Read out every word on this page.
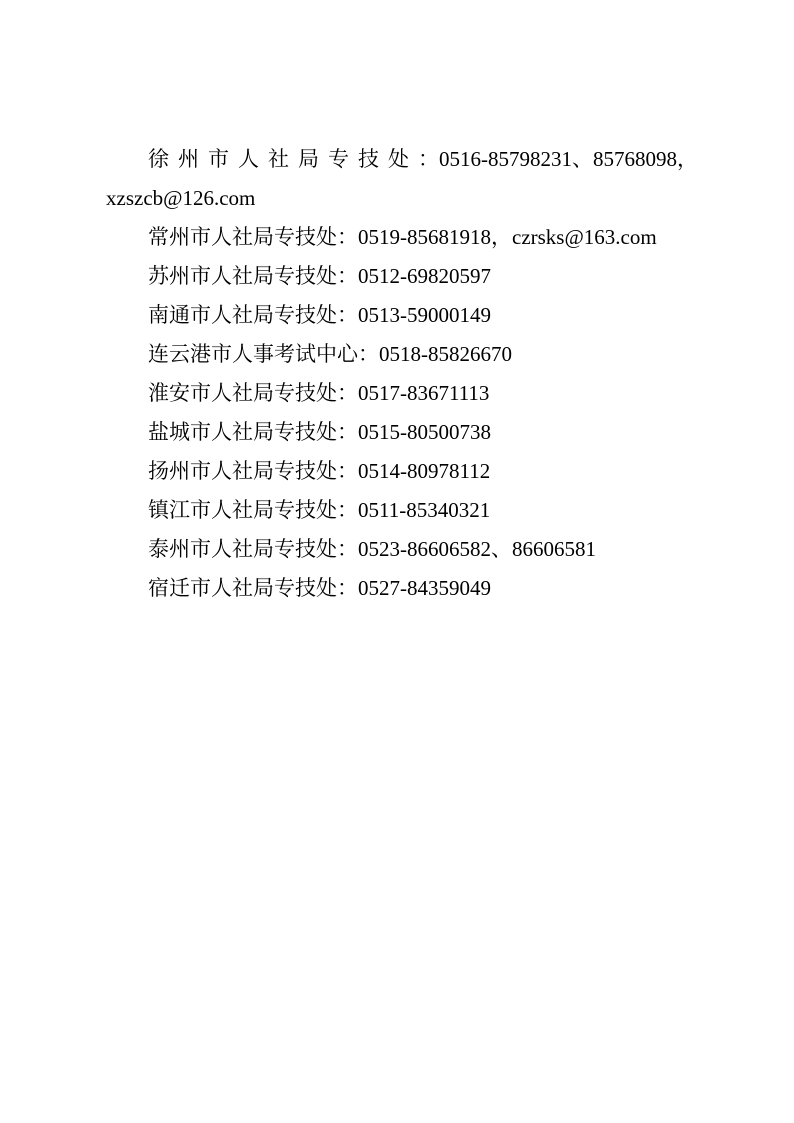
徐州市人社局专技处 ： 0516-85798231 、 85768098 ，
xzszcb@126.com
常州市人社局专技处：0519-85681918，czrsks@163.com
苏州市人社局专技处：0512-69820597
南通市人社局专技处：0513-59000149
连云港市人事考试中心：0518-85826670
淮安市人社局专技处：0517-83671113
盐城市人社局专技处：0515-80500738
扬州市人社局专技处：0514-80978112
镇江市人社局专技处：0511-85340321
泰州市人社局专技处：0523-86606582、86606581
宿迁市人社局专技处：0527-84359049
